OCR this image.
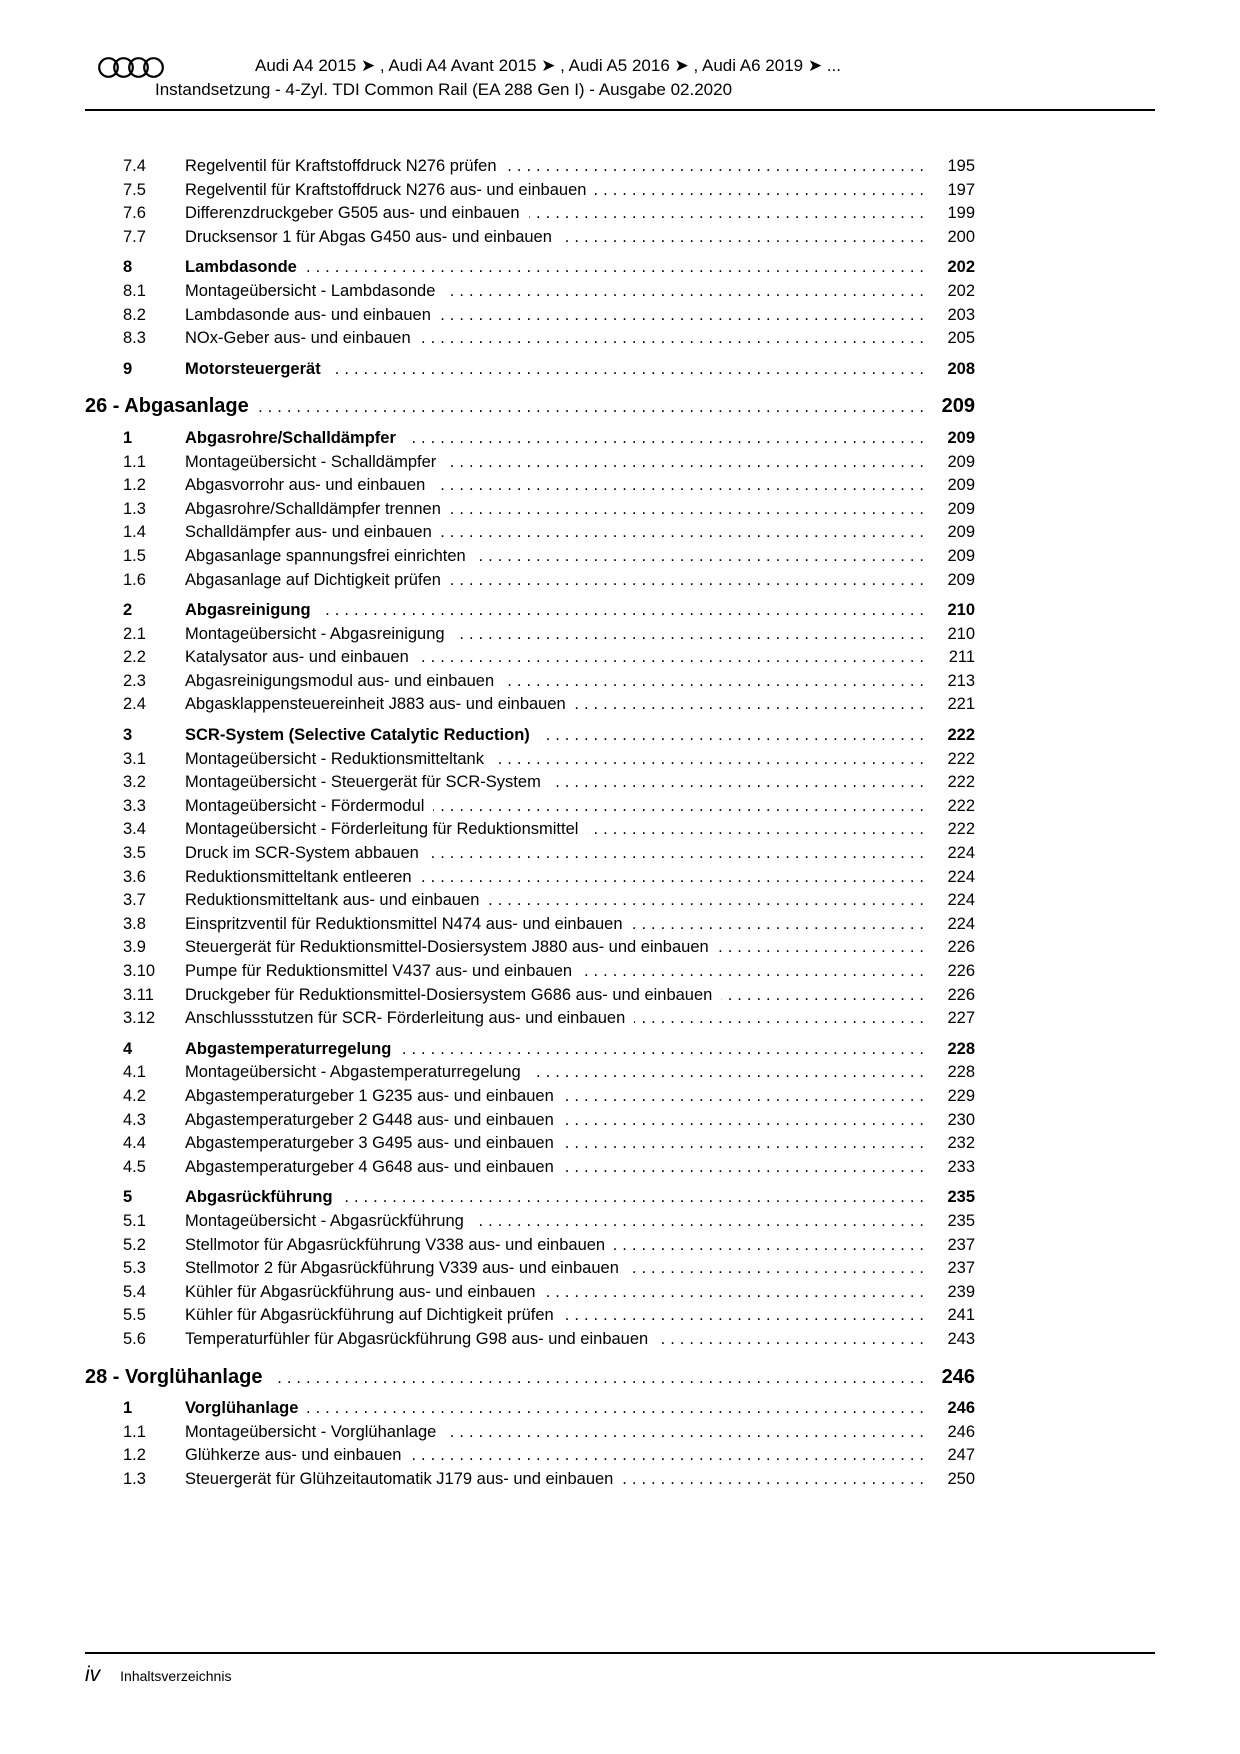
Audi A4 2015 ➤ , Audi A4 Avant 2015 ➤ , Audi A5 2016 ➤ , Audi A6 2019 ➤ ...
Instandsetzung - 4-Zyl. TDI Common Rail (EA 288 Gen I) - Ausgabe 02.2020
7.4	Regelventil für Kraftstoffdruck N276 prüfen .....	195
7.5	Regelventil für Kraftstoffdruck N276 aus- und einbauen .....	197
7.6	Differenzdruckgeber G505 aus- und einbauen .....	199
7.7	Drucksensor 1 für Abgas G450 aus- und einbauen .....	200
8	Lambdasonde .....	202
8.1	Montageübersicht - Lambdasonde .....	202
8.2	Lambdasonde aus- und einbauen .....	203
8.3	NOx-Geber aus- und einbauen .....	205
9	Motorsteuergerät .....	208
26 - Abgasanlage .....	209
1	Abgasrohre/Schalldämpfer .....	209
1.1	Montageübersicht - Schalldämpfer .....	209
1.2	Abgasvorrohr aus- und einbauen .....	209
1.3	Abgasrohre/Schalldämpfer trennen .....	209
1.4	Schalldämpfer aus- und einbauen .....	209
1.5	Abgasanlage spannungsfrei einrichten .....	209
1.6	Abgasanlage auf Dichtigkeit prüfen .....	209
2	Abgasreinigung .....	210
2.1	Montageübersicht - Abgasreinigung .....	210
2.2	Katalysator aus- und einbauen .....	211
2.3	Abgasreinigungsmodul aus- und einbauen .....	213
2.4	Abgasklappensteuereinheit J883 aus- und einbauen .....	221
3	SCR-System (Selective Catalytic Reduction) .....	222
3.1	Montageübersicht - Reduktionsmitteltank .....	222
3.2	Montageübersicht - Steuergerät für SCR-System .....	222
3.3	Montageübersicht - Fördermodul .....	222
3.4	Montageübersicht - Förderleitung für Reduktionsmittel .....	222
3.5	Druck im SCR-System abbauen .....	224
3.6	Reduktionsmitteltank entleeren .....	224
3.7	Reduktionsmitteltank aus- und einbauen .....	224
3.8	Einspritzventil für Reduktionsmittel N474 aus- und einbauen .....	224
3.9	Steuergerät für Reduktionsmittel-Dosiersystem J880 aus- und einbauen .....	226
3.10	Pumpe für Reduktionsmittel V437 aus- und einbauen .....	226
3.11	Druckgeber für Reduktionsmittel-Dosiersystem G686 aus- und einbauen .....	226
3.12	Anschlussstutzen für SCR- Förderleitung aus- und einbauen .....	227
4	Abgastemperaturregelung .....	228
4.1	Montageübersicht - Abgastemperaturregelung .....	228
4.2	Abgastemperaturgeber 1 G235 aus- und einbauen .....	229
4.3	Abgastemperaturgeber 2 G448 aus- und einbauen .....	230
4.4	Abgastemperaturgeber 3 G495 aus- und einbauen .....	232
4.5	Abgastemperaturgeber 4 G648 aus- und einbauen .....	233
5	Abgasrückführung .....	235
5.1	Montageübersicht - Abgasrückführung .....	235
5.2	Stellmotor für Abgasrückführung V338 aus- und einbauen .....	237
5.3	Stellmotor 2 für Abgasrückführung V339 aus- und einbauen .....	237
5.4	Kühler für Abgasrückführung aus- und einbauen .....	239
5.5	Kühler für Abgasrückführung auf Dichtigkeit prüfen .....	241
5.6	Temperaturfühler für Abgasrückführung G98 aus- und einbauen .....	243
28 - Vorglühanlage .....	246
1	Vorglühanlage .....	246
1.1	Montageübersicht - Vorglühanlage .....	246
1.2	Glühkerze aus- und einbauen .....	247
1.3	Steuergerät für Glühzeitautomatik J179 aus- und einbauen .....	250
iv Inhaltsverzeichnis
